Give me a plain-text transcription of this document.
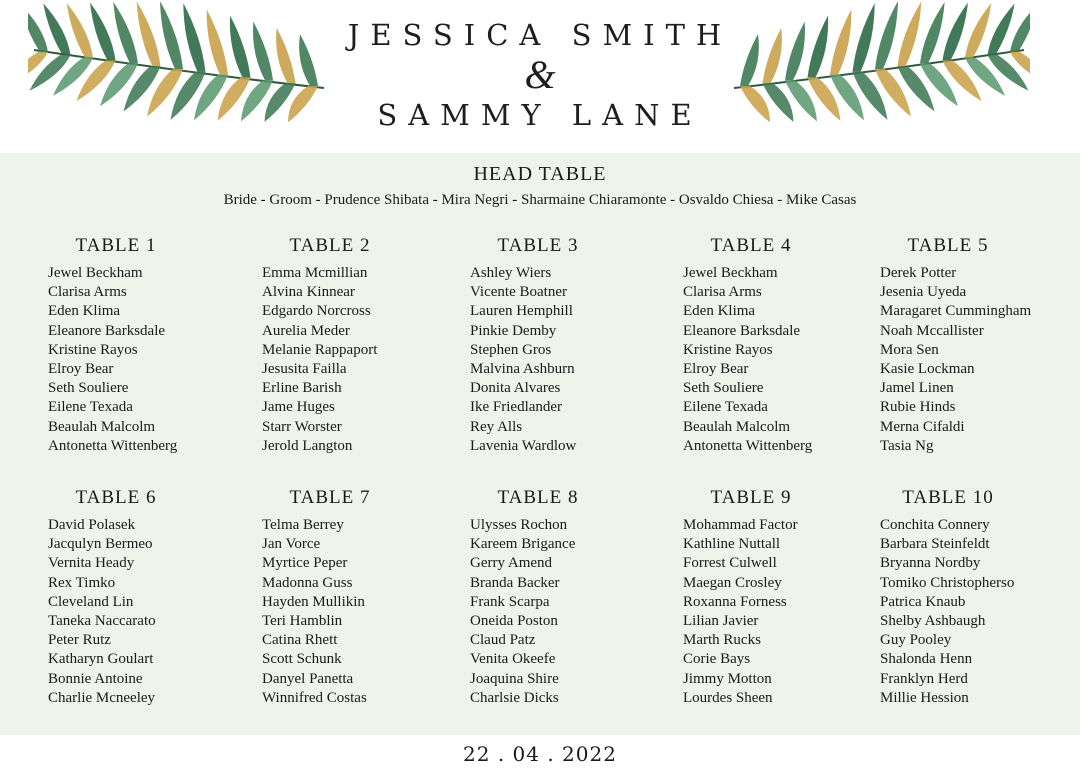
JESSICA SMITH
&
SAMMY LANE
HEAD TABLE
Bride - Groom - Prudence Shibata - Mira Negri - Sharmaine Chiaramonte - Osvaldo Chiesa - Mike Casas
TABLE 1
Jewel Beckham
Clarisa Arms
Eden Klima
Eleanore Barksdale
Kristine Rayos
Elroy Bear
Seth Souliere
Eilene Texada
Beaulah Malcolm
Antonetta Wittenberg
TABLE 2
Emma Mcmillian
Alvina Kinnear
Edgardo Norcross
Aurelia Meder
Melanie Rappaport
Jesusita Failla
Erline Barish
Jame Huges
Starr Worster
Jerold Langton
TABLE 3
Ashley Wiers
Vicente Boatner
Lauren Hemphill
Pinkie Demby
Stephen Gros
Malvina Ashburn
Donita Alvares
Ike Friedlander
Rey Alls
Lavenia Wardlow
TABLE 4
Jewel Beckham
Clarisa Arms
Eden Klima
Eleanore Barksdale
Kristine Rayos
Elroy Bear
Seth Souliere
Eilene Texada
Beaulah Malcolm
Antonetta Wittenberg
TABLE 5
Derek Potter
Jesenia Uyeda
Maragaret Cummingham
Noah Mccallister
Mora Sen
Kasie Lockman
Jamel Linen
Rubie Hinds
Merna Cifaldi
Tasia Ng
TABLE 6
David Polasek
Jacqulyn Bermeo
Vernita Heady
Rex Timko
Cleveland Lin
Taneka Naccarato
Peter Rutz
Katharyn Goulart
Bonnie Antoine
Charlie Mcneeley
TABLE 7
Telma Berrey
Jan Vorce
Myrtice Peper
Madonna Guss
Hayden Mullikin
Teri Hamblin
Catina Rhett
Scott Schunk
Danyel Panetta
Winnifred Costas
TABLE 8
Ulysses Rochon
Kareem Brigance
Gerry Amend
Branda Backer
Frank Scarpa
Oneida Poston
Claud Patz
Venita Okeefe
Joaquina Shire
Charlsie Dicks
TABLE 9
Mohammad Factor
Kathline Nuttall
Forrest Culwell
Maegan Crosley
Roxanna Forness
Lilian Javier
Marth Rucks
Corie Bays
Jimmy Motton
Lourdes Sheen
TABLE 10
Conchita Connery
Barbara Steinfeldt
Bryanna Nordby
Tomiko Christopherso
Patrica Knaub
Shelby Ashbaugh
Guy Pooley
Shalonda Henn
Franklyn Herd
Millie Hession
22 . 04 . 2022
